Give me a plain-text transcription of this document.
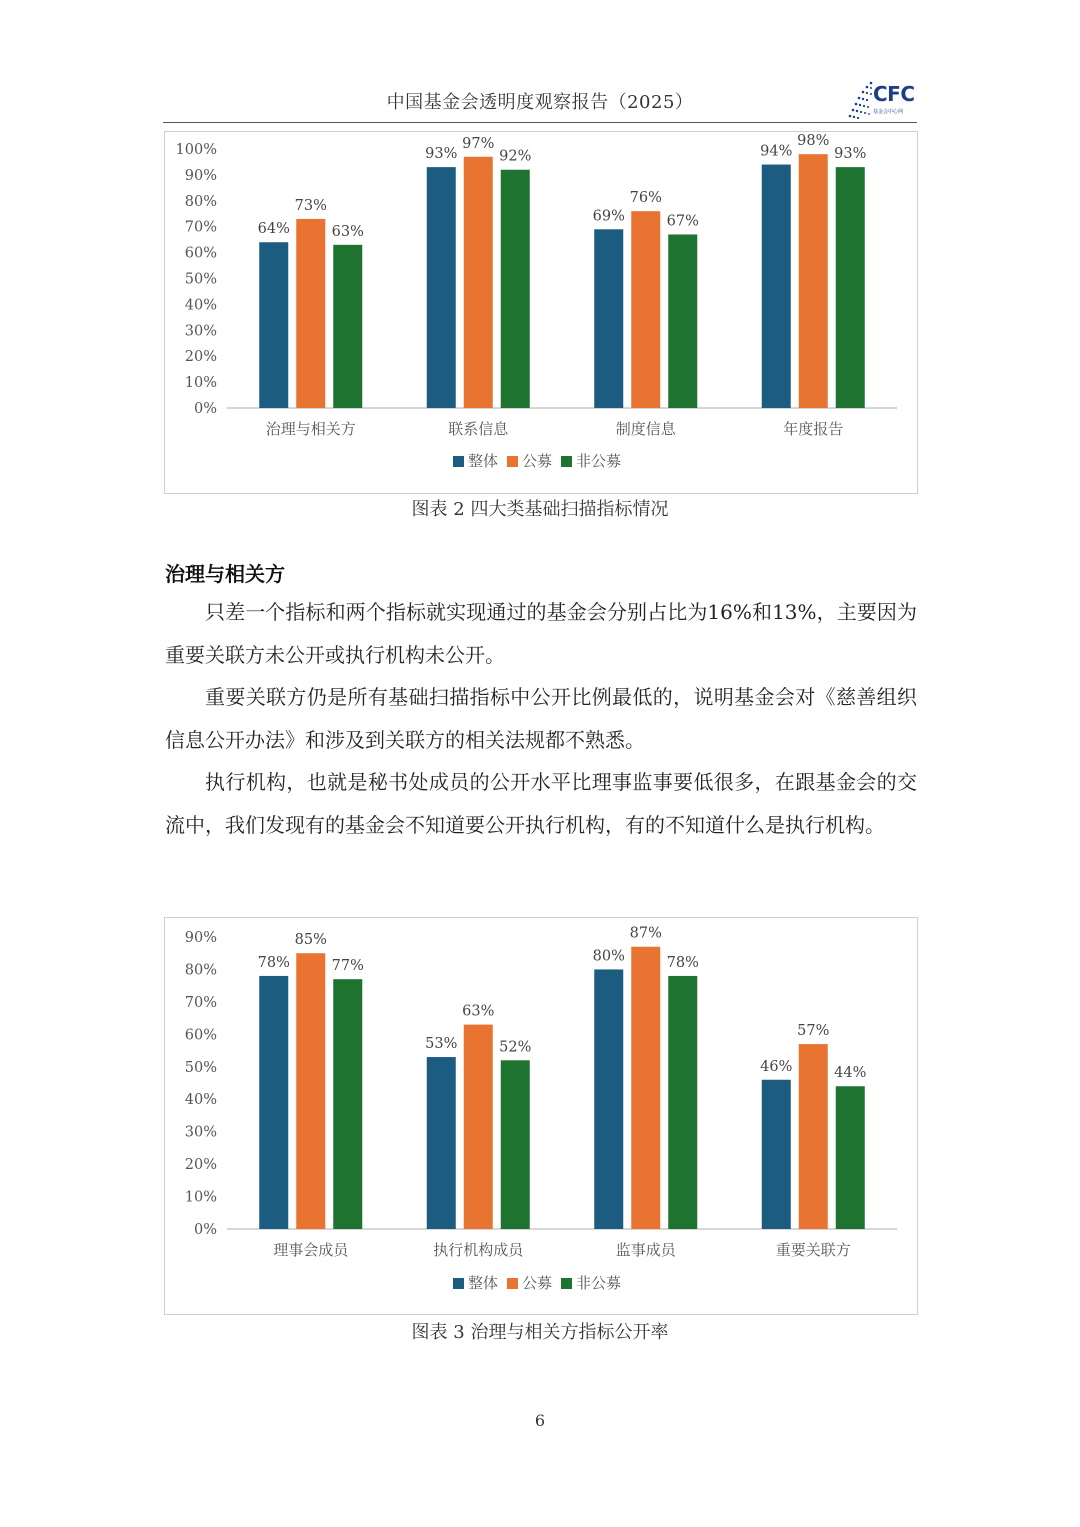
中国基金会透明度观察报告（2025）	CFC
基金会中心网
0%
10%
20%
30%
40%
50%
60%
70%
80%
90%
100%
64%
73%
63%
治理与相关方
93%
97%
92%
联系信息
69%
76%
67%
制度信息
94%
98%
93%
年度报告
整体 公募 非公募
图表 2 四大类基础扫描指标情况
治理与相关方

只差一个指标和两个指标就实现通过的基金会分别占比为16%和13%，主要因为重要关联方未公开或执行机构未公开。

重要关联方仍是所有基础扫描指标中公开比例最低的，说明基金会对《慈善组织信息公开办法》和涉及到关联方的相关法规都不熟悉。

执行机构，也就是秘书处成员的公开水平比理事监事要低很多，在跟基金会的交流中，我们发现有的基金会不知道要公开执行机构，有的不知道什么是执行机构。

0%
10%
20%
30%
40%
50%
60%
70%
80%
90%
78%
85%
77%
理事会成员
53%
63%
52%
执行机构成员
80%
87%
78%
监事成员
46%
57%
44%
重要关联方
整体 公募 非公募
图表 3 治理与相关方指标公开率
6
